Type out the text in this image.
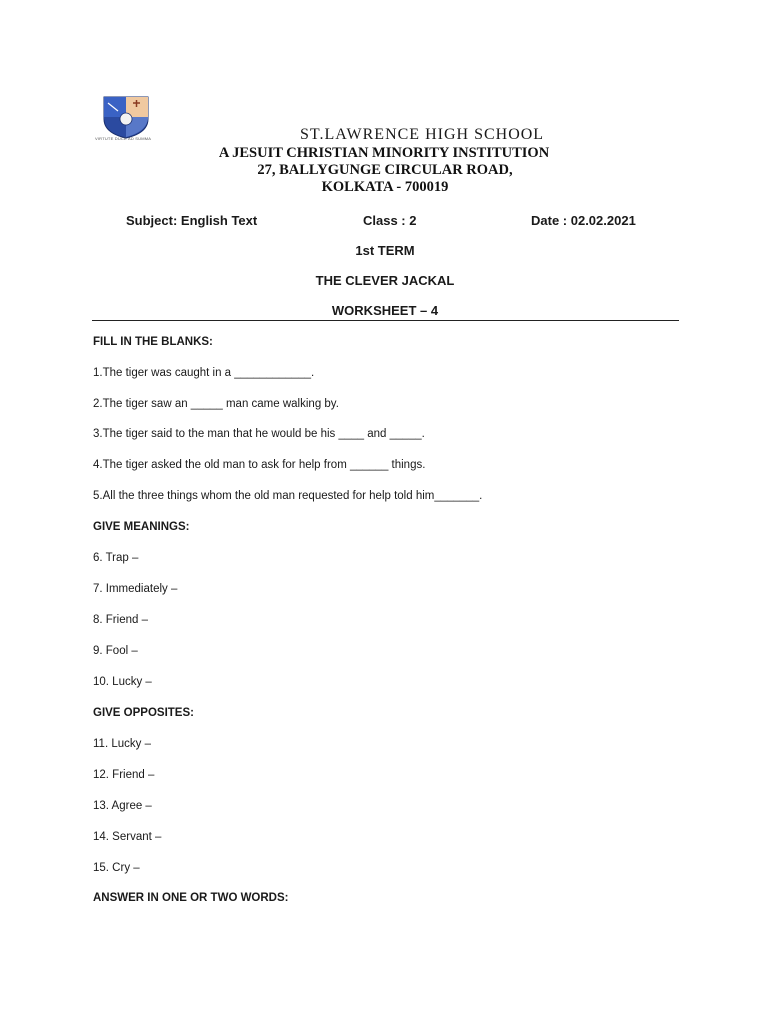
VIRTUTE DUCE AD SUMMA	ST.LAWRENCE HIGH SCHOOL
A JESUIT CHRISTIAN MINORITY INSTITUTION
27, BALLYGUNGE CIRCULAR ROAD,
KOLKATA - 700019
Subject: English Text	Class : 2	Date : 02.02.2021
1st TERM
THE CLEVER JACKAL
WORKSHEET – 4
FILL IN THE BLANKS:
1.The tiger was caught in a ____________.
2.The tiger saw an _____ man came walking by.
3.The tiger said to the man that he would be his ____ and _____.
4.The tiger asked the old man to ask for help from ______ things.
5.All the three things whom the old man requested for help told him_______.
GIVE MEANINGS:
6. Trap –
7. Immediately –
8. Friend –
9. Fool –
10. Lucky –
GIVE OPPOSITES:
11. Lucky –
12. Friend –
13. Agree –
14. Servant –
15. Cry –
ANSWER IN ONE OR TWO WORDS:
